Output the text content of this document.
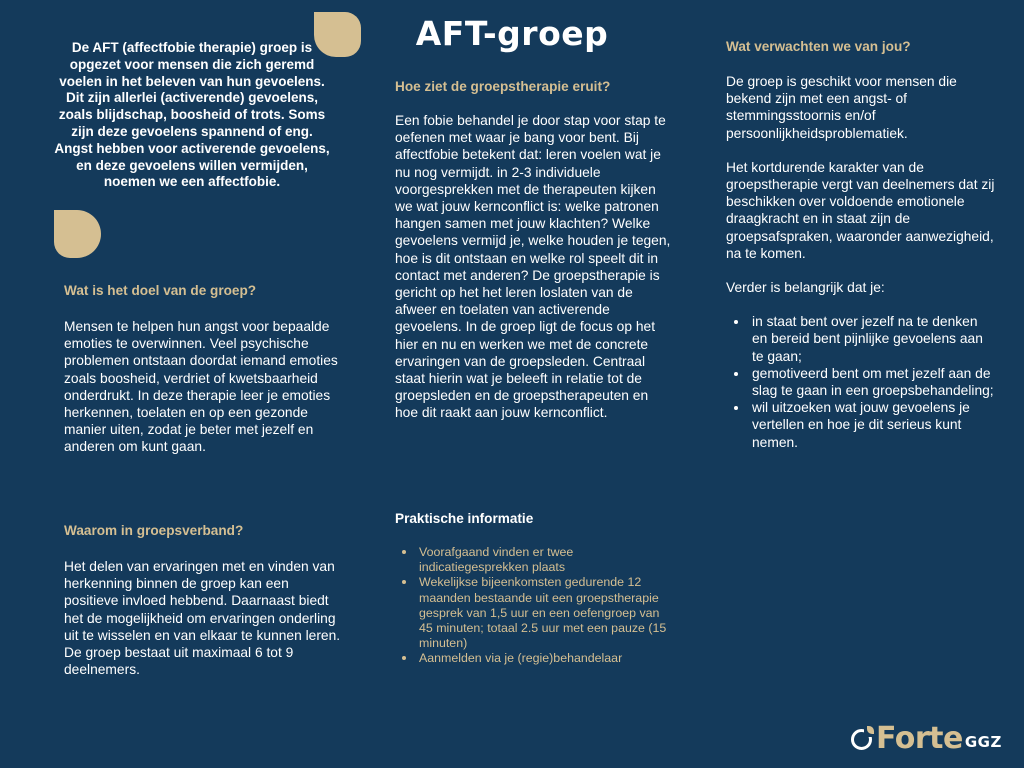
AFT-groep

De AFT (affectfobie therapie) groep is opgezet voor mensen die zich geremd voelen in het beleven van hun gevoelens. Dit zijn allerlei (activerende) gevoelens, zoals blijdschap, boosheid of trots. Soms zijn deze gevoelens spannend of eng. Angst hebben voor activerende gevoelens, en deze gevoelens willen vermijden, noemen we een affectfobie.

Wat is het doel van de groep?

Mensen te helpen hun angst voor bepaalde emoties te overwinnen. Veel psychische problemen ontstaan doordat iemand emoties zoals boosheid, verdriet of kwetsbaarheid onderdrukt. In deze therapie leer je emoties herkennen, toelaten en op een gezonde manier uiten, zodat je beter met jezelf en anderen om kunt gaan.

Waarom in groepsverband?

Het delen van ervaringen met en vinden van herkenning binnen de groep kan een positieve invloed hebbend. Daarnaast biedt het de mogelijkheid om ervaringen onderling uit te wisselen en van elkaar te kunnen leren. De groep bestaat uit maximaal 6 tot 9 deelnemers.

Hoe ziet de groepstherapie eruit?

Een fobie behandel je door stap voor stap te oefenen met waar je bang voor bent. Bij affectfobie betekent dat: leren voelen wat je nu nog vermijdt. in 2-3 individuele voorgesprekken met de therapeuten kijken we wat jouw kernconflict is: welke patronen hangen samen met jouw klachten? Welke gevoelens vermijd je, welke houden je tegen, hoe is dit ontstaan en welke rol speelt dit in contact met anderen? De groepstherapie is gericht op het het leren loslaten van de afweer en toelaten van activerende gevoelens. In de groep ligt de focus op het hier en nu en werken we met de concrete ervaringen van de groepsleden. Centraal staat hierin wat je beleeft in relatie tot de groepsleden en de groepstherapeuten en hoe dit raakt aan jouw kernconflict.

Praktische informatie
Voorafgaand vinden er twee indicatiegesprekken plaats
Wekelijkse bijeenkomsten gedurende 12 maanden bestaande uit een groepstherapie gesprek van 1,5 uur en een oefengroep van 45 minuten; totaal 2.5 uur met een pauze (15 minuten)
Aanmelden via je (regie)behandelaar
Wat verwachten we van jou?

De groep is geschikt voor mensen die bekend zijn met een angst- of stemmingsstoornis en/of persoonlijkheidsproblematiek.

Het kortdurende karakter van de groepstherapie vergt van deelnemers dat zij beschikken over voldoende emotionele draagkracht en in staat zijn de groepsafspraken, waaronder aanwezigheid, na te komen.

Verder is belangrijk dat je:

in staat bent over jezelf na te denken en bereid bent pijnlijke gevoelens aan te gaan;
gemotiveerd bent om met jezelf aan de slag te gaan in een groepsbehandeling;
wil uitzoeken wat jouw gevoelens je vertellen en hoe je dit serieus kunt nemen.
Forte GGZ
